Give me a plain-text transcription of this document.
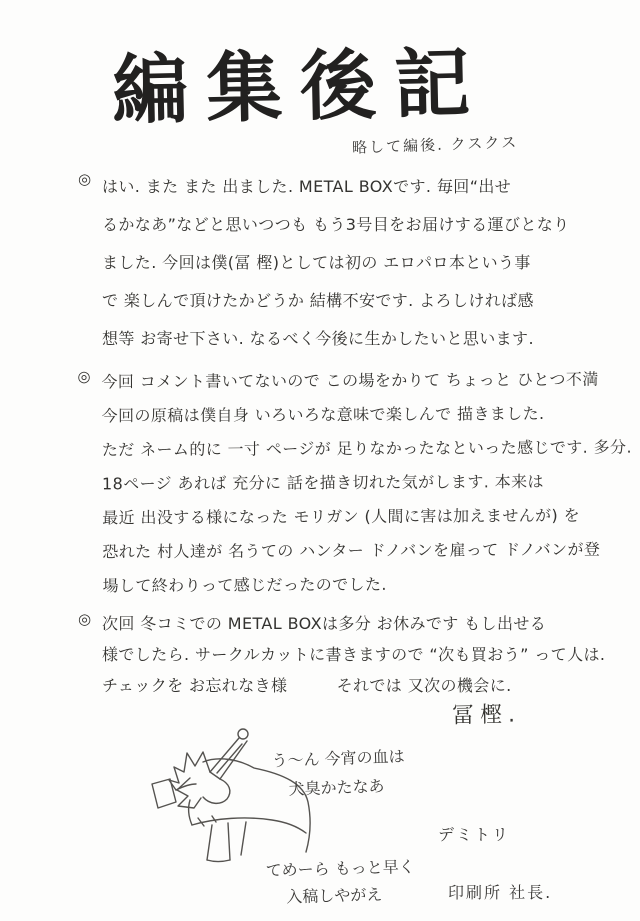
編集後記
略して編後. クスクス
◎ はい. また また 出ました. METAL BOXです. 毎回“出せ
るかなあ”などと思いつつも もう3号目をお届けする運びとなり
ました. 今回は僕(冨 樫)としては初の エロパロ本という事
で 楽しんで頂けたかどうか 結構不安です. よろしければ感
想等 お寄せ下さい. なるべく今後に生かしたいと思います.
◎ 今回 コメント書いてないので この場をかりて ちょっと ひとつ不満
今回の原稿は僕自身 いろいろな意味で楽しんで 描きました.
ただ ネーム的に 一寸 ページが 足りなかったなといった感じです. 多分.
18ページ あれば 充分に 話を描き切れた気がします. 本来は
最近 出没する様になった モリガン (人間に害は加えませんが) を
恐れた 村人達が 名うての ハンター ドノバンを雇って ドノバンが登
場して終わりって感じだったのでした.
◎ 次回 冬コミでの METAL BOXは多分 お休みです もし出せる
様でしたら. サークルカットに書きますので “次も買おう” って人は.
チェックを お忘れなき様　　　それでは 又次の機会に.
冨樫.
う〜ん 今宵の血は
犬臭かたなあ
デミトリ
てめーら もっと早く
入稿しやがえ	印刷所 社長.
